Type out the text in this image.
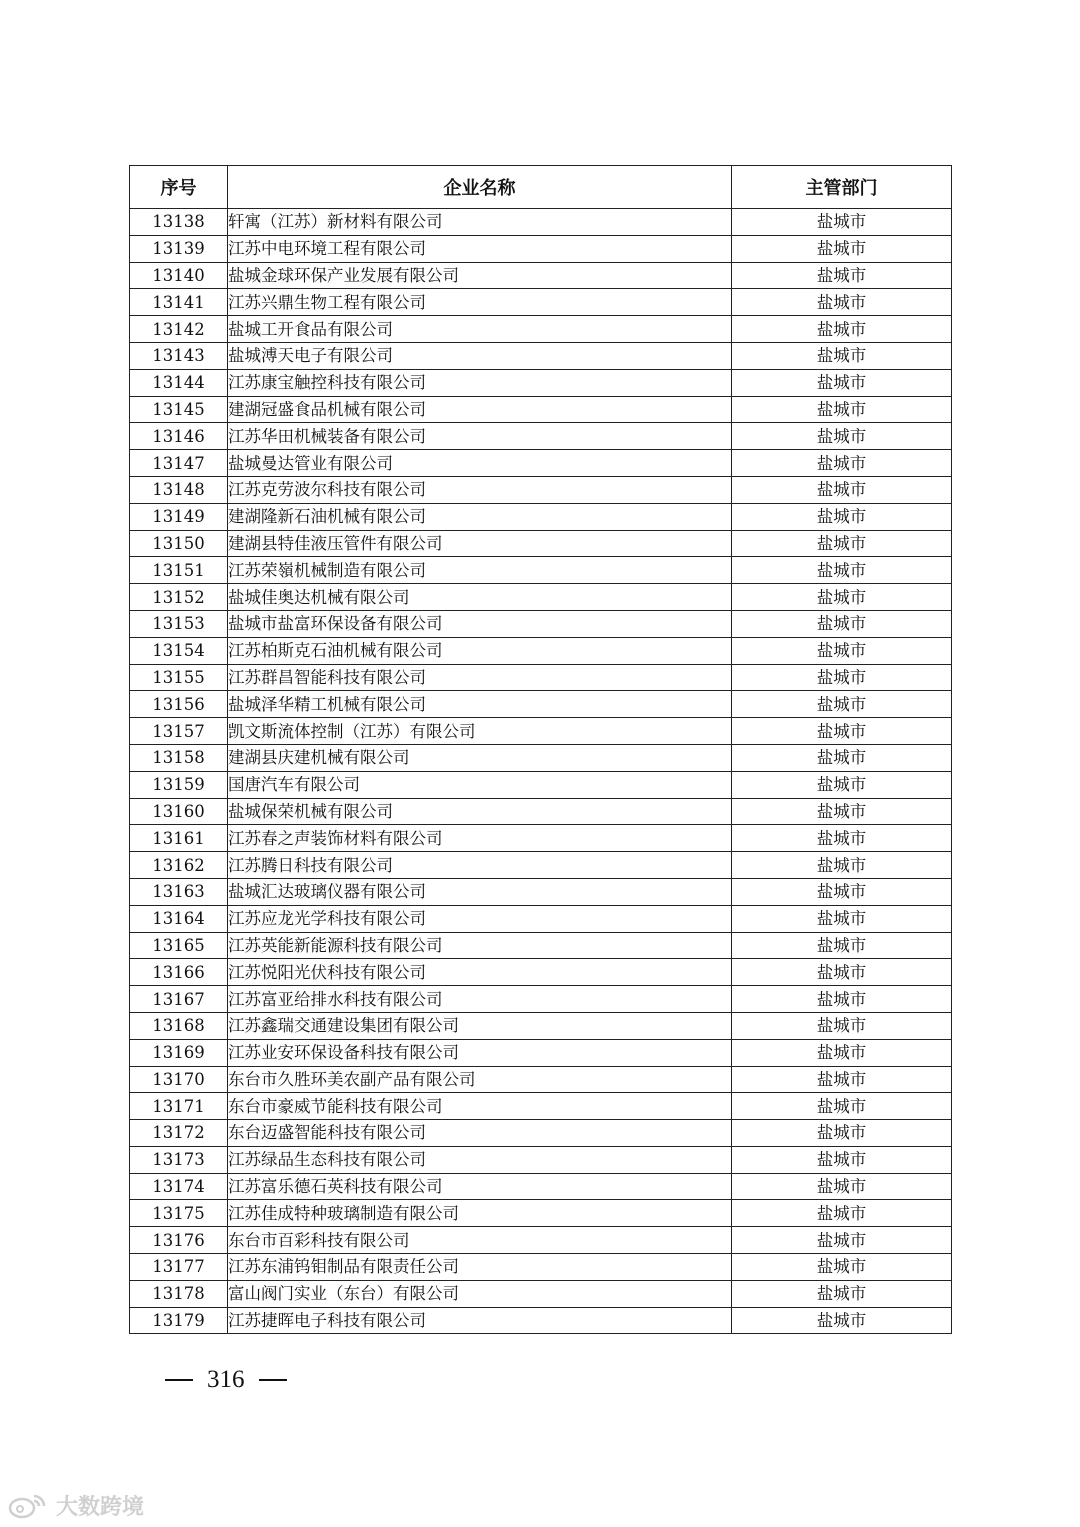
序号	企业名称	主管部门
13138	轩寓（江苏）新材料有限公司	盐城市
13139	江苏中电环境工程有限公司	盐城市
13140	盐城金球环保产业发展有限公司	盐城市
13141	江苏兴鼎生物工程有限公司	盐城市
13142	盐城工开食品有限公司	盐城市
13143	盐城溥天电子有限公司	盐城市
13144	江苏康宝触控科技有限公司	盐城市
13145	建湖冠盛食品机械有限公司	盐城市
13146	江苏华田机械装备有限公司	盐城市
13147	盐城曼达管业有限公司	盐城市
13148	江苏克劳波尔科技有限公司	盐城市
13149	建湖隆新石油机械有限公司	盐城市
13150	建湖县特佳液压管件有限公司	盐城市
13151	江苏荣嶺机械制造有限公司	盐城市
13152	盐城佳奥达机械有限公司	盐城市
13153	盐城市盐富环保设备有限公司	盐城市
13154	江苏柏斯克石油机械有限公司	盐城市
13155	江苏群昌智能科技有限公司	盐城市
13156	盐城泽华精工机械有限公司	盐城市
13157	凯文斯流体控制（江苏）有限公司	盐城市
13158	建湖县庆建机械有限公司	盐城市
13159	国唐汽车有限公司	盐城市
13160	盐城保荣机械有限公司	盐城市
13161	江苏春之声装饰材料有限公司	盐城市
13162	江苏腾日科技有限公司	盐城市
13163	盐城汇达玻璃仪器有限公司	盐城市
13164	江苏应龙光学科技有限公司	盐城市
13165	江苏英能新能源科技有限公司	盐城市
13166	江苏悦阳光伏科技有限公司	盐城市
13167	江苏富亚给排水科技有限公司	盐城市
13168	江苏鑫瑞交通建设集团有限公司	盐城市
13169	江苏业安环保设备科技有限公司	盐城市
13170	东台市久胜环美农副产品有限公司	盐城市
13171	东台市豪威节能科技有限公司	盐城市
13172	东台迈盛智能科技有限公司	盐城市
13173	江苏绿品生态科技有限公司	盐城市
13174	江苏富乐德石英科技有限公司	盐城市
13175	江苏佳成特种玻璃制造有限公司	盐城市
13176	东台市百彩科技有限公司	盐城市
13177	江苏东浦钨钼制品有限责任公司	盐城市
13178	富山阀门实业（东台）有限公司	盐城市
13179	江苏捷晖电子科技有限公司	盐城市
316
大数跨境
